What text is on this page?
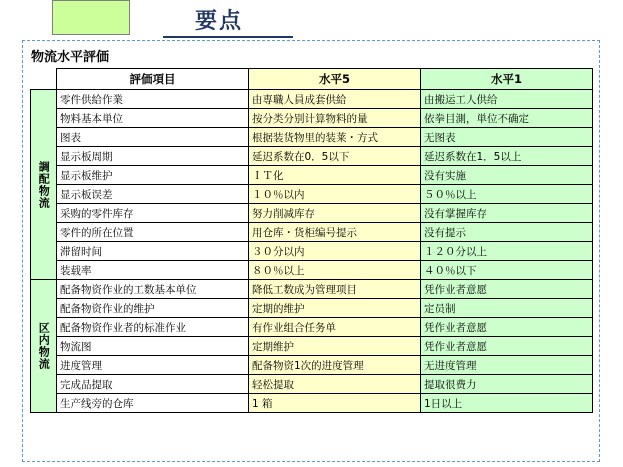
要点
物流水平評価
	評価項目	水平5	水平1

調配物流	零件供給作業	由専職人員成套供給	由搬运工人供给
	物料基本単位	按分类分别计算物料的量	依拳目測，単位不确定
	图表	根据装货物里的装莱・方式	无图表
	显示板周期	延迟系数在0．5以下	延迟系数在1．5以上
	显示板维护	ＩＴ化	没有实施
	显示板误差	１０％以内	５０％以上
	采购的零件库存	努力削减库存	没有掌握库存
	零件的所在位置	用仓库・货柜编号提示	没有提示
	滞留时间	３０分以内	１２０分以上
	装载率	８０％以上	４０％以下

区内物流	配备物资作业的工数基本单位	降低工数成为管理项目	凭作业者意愿
	配备物资作业的维护	定期的维护	定员制
	配备物资作业者的标准作业	有作业组合任务单	凭作业者意愿
	物流图	定期维护	凭作业者意愿
	进度管理	配备物资1次的进度管理	无进度管理
	完成品提取	轻松提取	提取很费力
	生产线旁的仓库	1 箱	1日以上
